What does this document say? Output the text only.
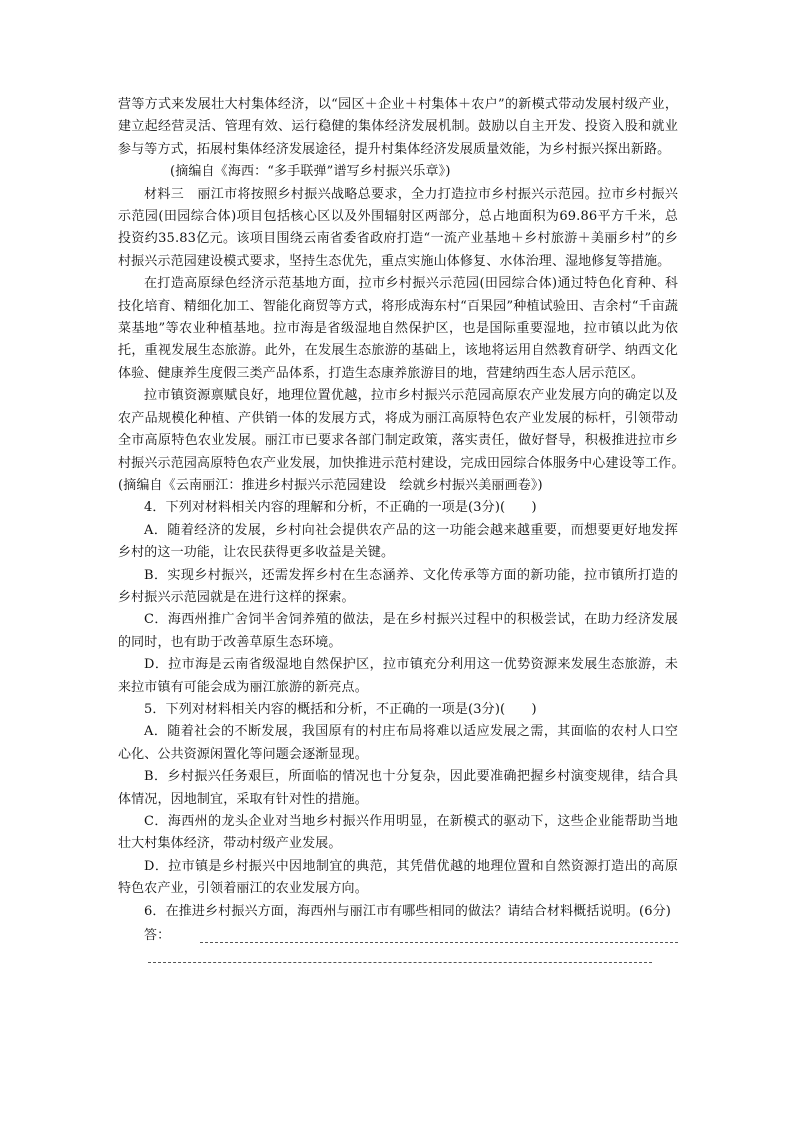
营等方式来发展壮大村集体经济，以“园区＋企业＋村集体＋农户”的新模式带动发展村级产业，建立起经营灵活、管理有效、运行稳健的集体经济发展机制。鼓励以自主开发、投资入股和就业参与等方式，拓展村集体经济发展途径，提升村集体经济发展质量效能，为乡村振兴探出新路。

(摘编自《海西：“多手联弹”谱写乡村振兴乐章》)

材料三　丽江市将按照乡村振兴战略总要求，全力打造拉市乡村振兴示范园。拉市乡村振兴示范园(田园综合体)项目包括核心区以及外围辐射区两部分，总占地面积为69.86平方千米，总投资约35.83亿元。该项目围绕云南省委省政府打造“一流产业基地＋乡村旅游＋美丽乡村”的乡村振兴示范园建设模式要求，坚持生态优先，重点实施山体修复、水体治理、湿地修复等措施。

在打造高原绿色经济示范基地方面，拉市乡村振兴示范园(田园综合体)通过特色化育种、科技化培育、精细化加工、智能化商贸等方式，将形成海东村“百果园”种植试验田、吉余村“千亩蔬菜基地”等农业种植基地。拉市海是省级湿地自然保护区，也是国际重要湿地，拉市镇以此为依托，重视发展生态旅游。此外，在发展生态旅游的基础上，该地将运用自然教育研学、纳西文化体验、健康养生度假三类产品体系，打造生态康养旅游目的地，营建纳西生态人居示范区。

拉市镇资源禀赋良好，地理位置优越，拉市乡村振兴示范园高原农产业发展方向的确定以及农产品规模化种植、产供销一体的发展方式，将成为丽江高原特色农产业发展的标杆，引领带动全市高原特色农业发展。丽江市已要求各部门制定政策，落实责任，做好督导，积极推进拉市乡村振兴示范园高原特色农产业发展，加快推进示范村建设，完成田园综合体服务中心建设等工作。　　(摘编自《云南丽江：推进乡村振兴示范园建设　绘就乡村振兴美丽画卷》)

4．下列对材料相关内容的理解和分析，不正确的一项是(3分)(　　)

A．随着经济的发展，乡村向社会提供农产品的这一功能会越来越重要，而想要更好地发挥乡村的这一功能，让农民获得更多收益是关键。

B．实现乡村振兴，还需发挥乡村在生态涵养、文化传承等方面的新功能，拉市镇所打造的乡村振兴示范园就是在进行这样的探索。

C．海西州推广舍饲半舍饲养殖的做法，是在乡村振兴过程中的积极尝试，在助力经济发展的同时，也有助于改善草原生态环境。

D．拉市海是云南省级湿地自然保护区，拉市镇充分利用这一优势资源来发展生态旅游，未来拉市镇有可能会成为丽江旅游的新亮点。

5．下列对材料相关内容的概括和分析，不正确的一项是(3分)(　　)

A．随着社会的不断发展，我国原有的村庄布局将难以适应发展之需，其面临的农村人口空心化、公共资源闲置化等问题会逐渐显现。

B．乡村振兴任务艰巨，所面临的情况也十分复杂，因此要准确把握乡村演变规律，结合具体情况，因地制宜，采取有针对性的措施。

C．海西州的龙头企业对当地乡村振兴作用明显，在新模式的驱动下，这些企业能帮助当地壮大村集体经济，带动村级产业发展。

D．拉市镇是乡村振兴中因地制宜的典范，其凭借优越的地理位置和自然资源打造出的高原特色农产业，引领着丽江的农业发展方向。

6．在推进乡村振兴方面，海西州与丽江市有哪些相同的做法？请结合材料概括说明。(6分)

答：
